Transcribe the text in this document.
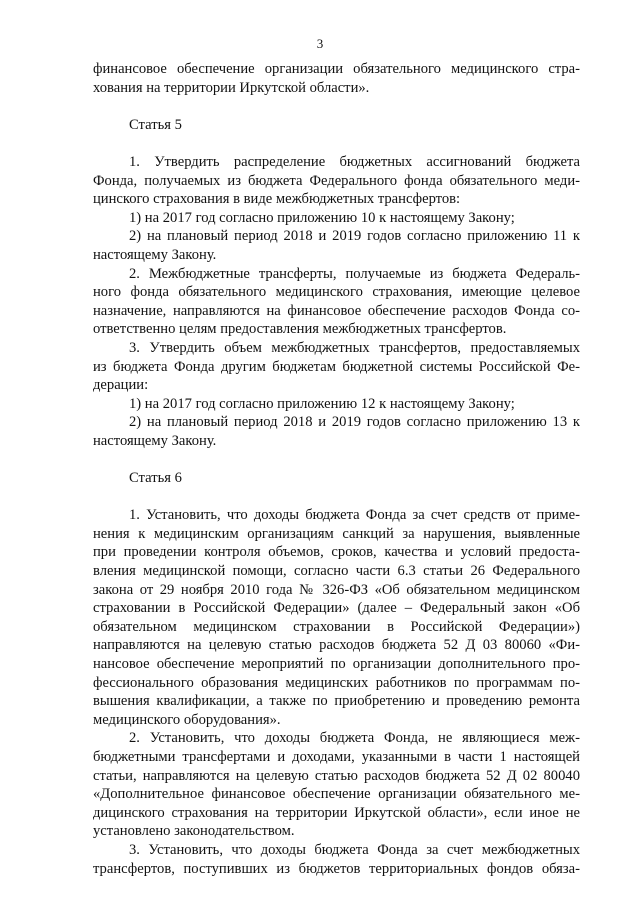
3
финансовое обеспечение организации обязательного медицинского стра-
хования на территории Иркутской области».
Статья 5
1. Утвердить распределение бюджетных ассигнований бюджета
Фонда, получаемых из бюджета Федерального фонда обязательного меди-
цинского страхования в виде межбюджетных трансфертов:
1) на 2017 год согласно приложению 10 к настоящему Закону;
2) на плановый период 2018 и 2019 годов согласно приложению 11 к
настоящему Закону.
2. Межбюджетные трансферты, получаемые из бюджета Федераль-
ного фонда обязательного медицинского страхования, имеющие целевое
назначение, направляются на финансовое обеспечение расходов Фонда со-
ответственно целям предоставления межбюджетных трансфертов.
3. Утвердить объем межбюджетных трансфертов, предоставляемых
из бюджета Фонда другим бюджетам бюджетной системы Российской Фе-
дерации:
1) на 2017 год согласно приложению 12 к настоящему Закону;
2) на плановый период 2018 и 2019 годов согласно приложению 13 к
настоящему Закону.
Статья 6
1. Установить, что доходы бюджета Фонда за счет средств от приме-
нения к медицинским организациям санкций за нарушения, выявленные
при проведении контроля объемов, сроков, качества и условий предоста-
вления медицинской помощи, согласно части 6.3 статьи 26 Федерального
закона от 29 ноября 2010 года № 326-ФЗ «Об обязательном медицинском
страховании в Российской Федерации» (далее – Федеральный закон «Об
обязательном медицинском страховании в Российской Федерации»)
направляются на целевую статью расходов бюджета 52 Д 03 80060 «Фи-
нансовое обеспечение мероприятий по организации дополнительного про-
фессионального образования медицинских работников по программам по-
вышения квалификации, а также по приобретению и проведению ремонта
медицинского оборудования».
2. Установить, что доходы бюджета Фонда, не являющиеся меж-
бюджетными трансфертами и доходами, указанными в части 1 настоящей
статьи, направляются на целевую статью расходов бюджета 52 Д 02 80040
«Дополнительное финансовое обеспечение организации обязательного ме-
дицинского страхования на территории Иркутской области», если иное не
установлено законодательством.
3. Установить, что доходы бюджета Фонда за счет межбюджетных
трансфертов, поступивших из бюджетов территориальных фондов обяза-
